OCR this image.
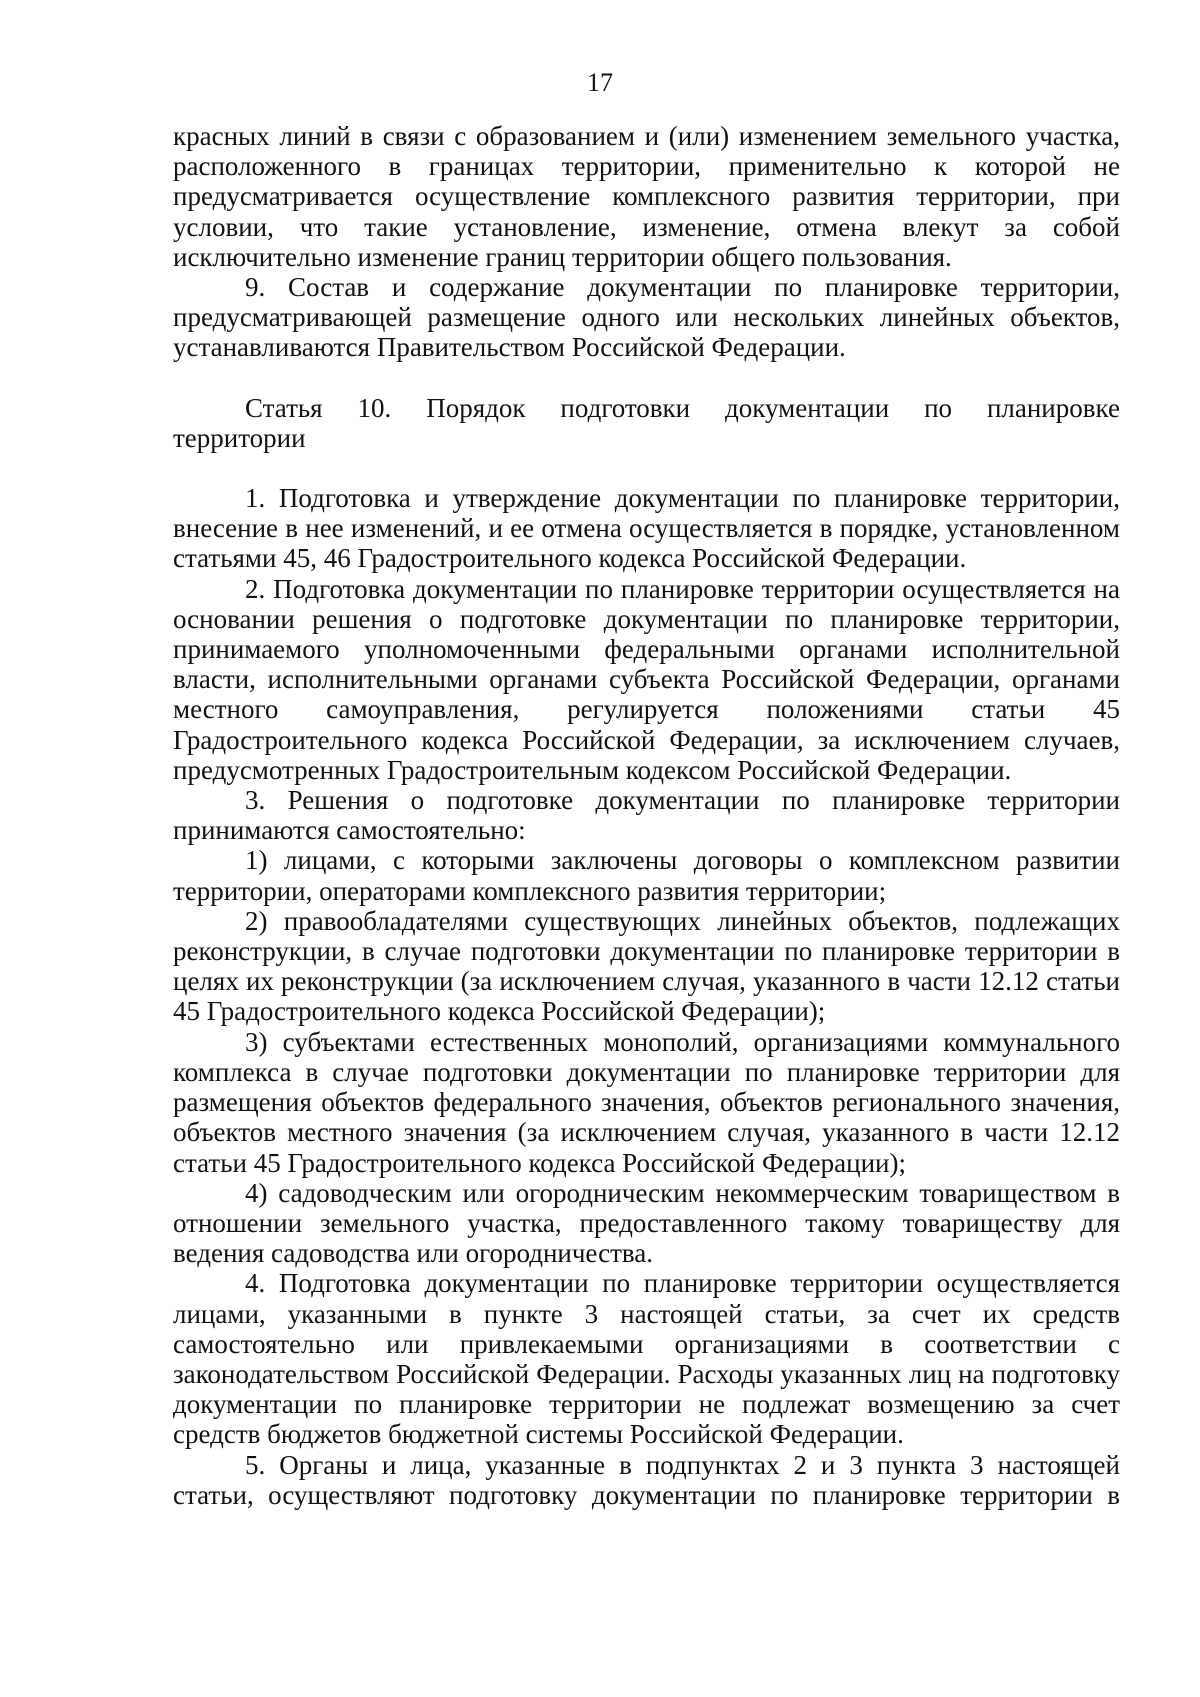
17

красных линий в связи с образованием и (или) изменением земельного участка, расположенного в границах территории, применительно к которой не предусматривается осуществление комплексного развития территории, при условии, что такие установление, изменение, отмена влекут за собой исключительно изменение границ территории общего пользования.

9. Состав и содержание документации по планировке территории, предусматривающей размещение одного или нескольких линейных объектов, устанавливаются Правительством Российской Федерации.

Статья 10. Порядок подготовки документации по планировке
территории

1. Подготовка и утверждение документации по планировке территории, внесение в нее изменений, и ее отмена осуществляется в порядке, установленном статьями 45, 46 Градостроительного кодекса Российской Федерации.

2. Подготовка документации по планировке территории осуществляется на основании решения о подготовке документации по планировке территории, принимаемого уполномоченными федеральными органами исполнительной власти, исполнительными органами субъекта Российской Федерации, органами местного самоуправления, регулируется положениями статьи 45 Градостроительного кодекса Российской Федерации, за исключением случаев, предусмотренных Градостроительным кодексом Российской Федерации.

3. Решения о подготовке документации по планировке территории принимаются самостоятельно:

1) лицами, с которыми заключены договоры о комплексном развитии территории, операторами комплексного развития территории;

2) правообладателями существующих линейных объектов, подлежащих реконструкции, в случае подготовки документации по планировке территории в целях их реконструкции (за исключением случая, указанного в части 12.12 статьи 45 Градостроительного кодекса Российской Федерации);

3) субъектами естественных монополий, организациями коммунального комплекса в случае подготовки документации по планировке территории для размещения объектов федерального значения, объектов регионального значения, объектов местного значения (за исключением случая, указанного в части 12.12 статьи 45 Градостроительного кодекса Российской Федерации);

4) садоводческим или огородническим некоммерческим товариществом в отношении земельного участка, предоставленного такому товариществу для ведения садоводства или огородничества.

4. Подготовка документации по планировке территории осуществляется лицами, указанными в пункте 3 настоящей статьи, за счет их средств самостоятельно или привлекаемыми организациями в соответствии с законодательством Российской Федерации. Расходы указанных лиц на подготовку документации по планировке территории не подлежат возмещению за счет средств бюджетов бюджетной системы Российской Федерации.

5. Органы и лица, указанные в подпунктах 2 и 3 пункта 3 настоящей статьи, осуществляют подготовку документации по планировке территории в
